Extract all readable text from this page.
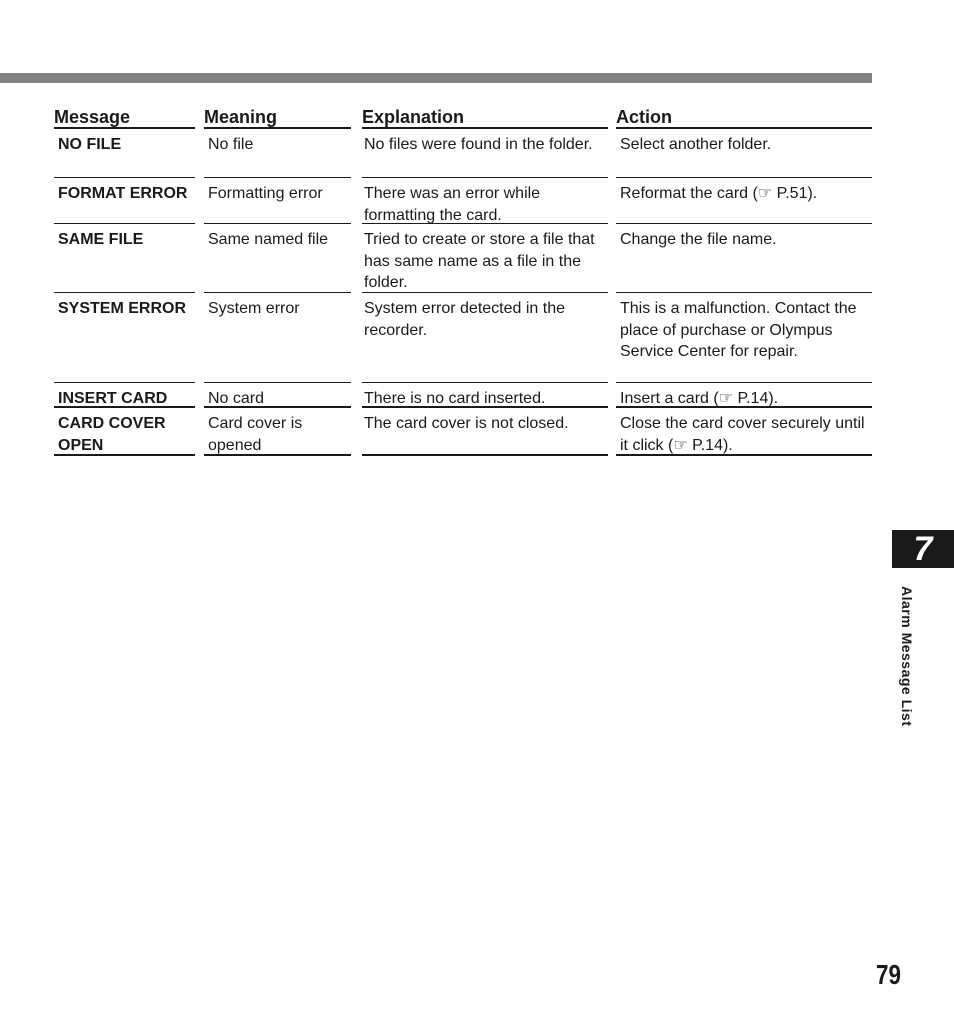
Message
NO FILE
FORMAT ERROR
SAME FILE
SYSTEM ERROR
INSERT CARD
CARD COVER OPEN
Meaning
No file
Formatting error
Same named file
System error
No card
Card cover is opened
Explanation
No files were found in the folder.
There was an error while formatting the card.
Tried to create or store a file that has same name as a file in the folder.
System error detected in the recorder.
There is no card inserted.
The card cover is not closed.
Action
Select another folder.
Reformat the card (☞ P.51).
Change the file name.
This is a malfunction. Contact the place of purchase or Olympus Service Center for repair.
Insert a card (☞ P.14).
Close the card cover securely until it click (☞ P.14).
7
Alarm Message List
79
